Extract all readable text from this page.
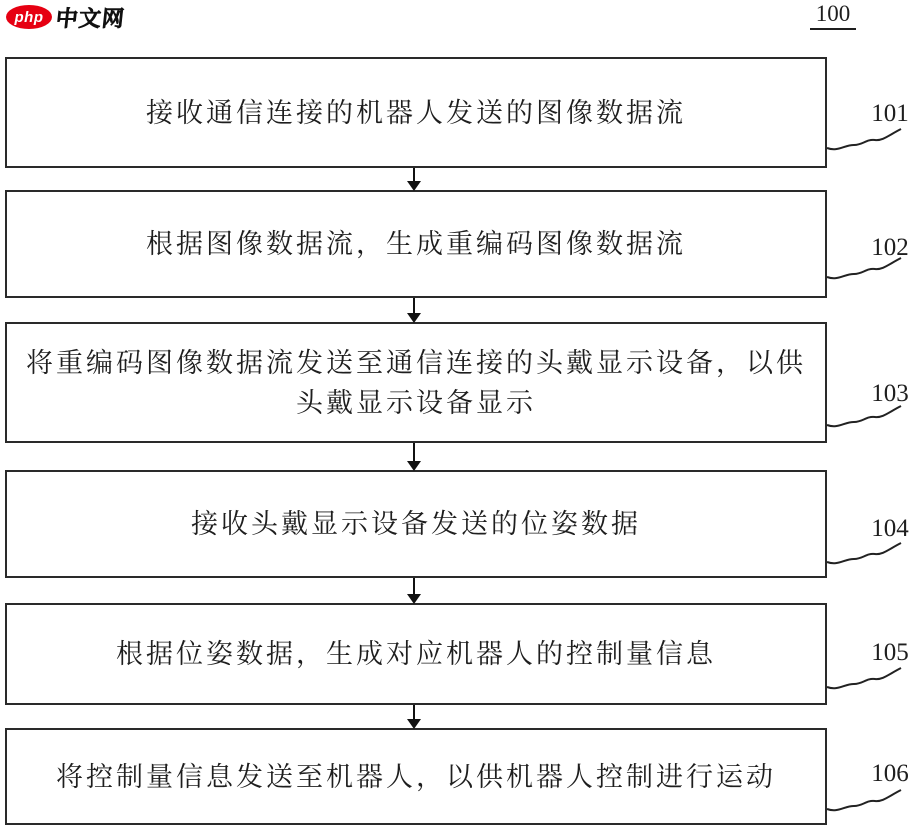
php 中文网	100
接收通信连接的机器人发送的图像数据流
根据图像数据流，生成重编码图像数据流
将重编码图像数据流发送至通信连接的头戴显示设备，以供头戴显示设备显示
接收头戴显示设备发送的位姿数据
根据位姿数据，生成对应机器人的控制量信息
将控制量信息发送至机器人，以供机器人控制进行运动
101
102
103
104
105
106
